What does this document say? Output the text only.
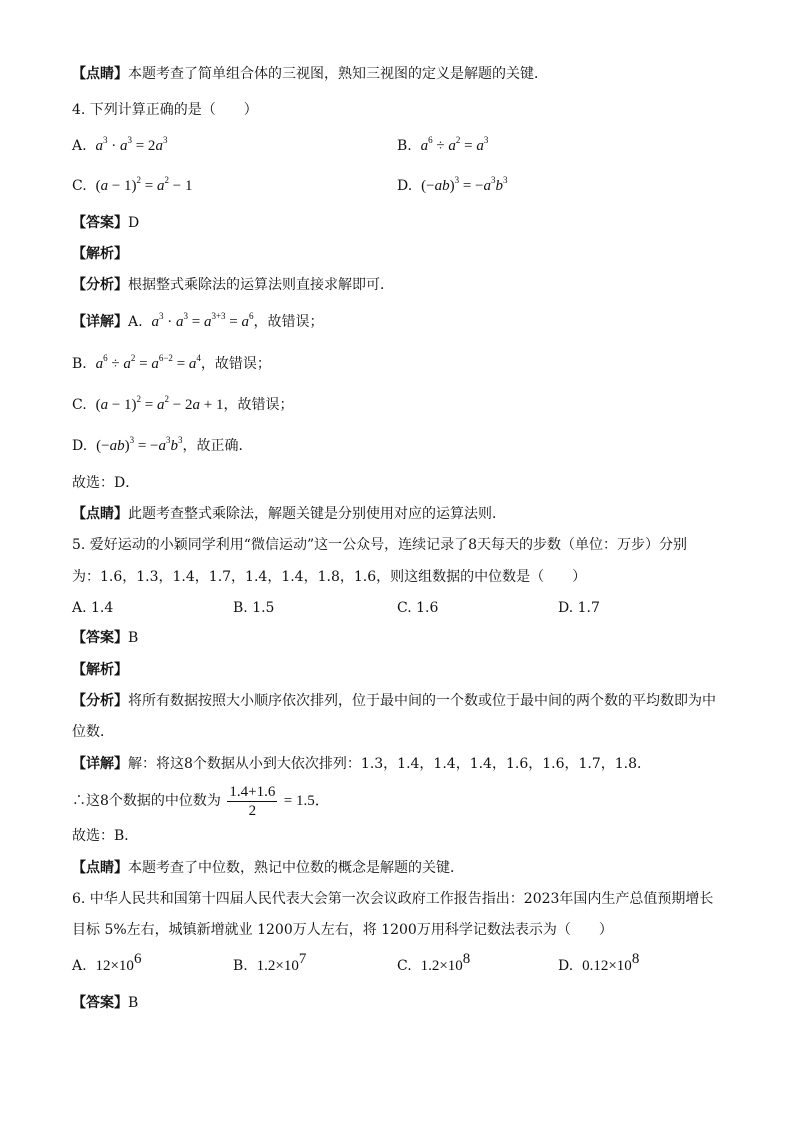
【点睛】本题考查了简单组合体的三视图，熟知三视图的定义是解题的关键．
4. 下列计算正确的是（　　）
A. $a^3 \cdot a^3 = 2a^3$	B. $a^6 \div a^2 = a^3$
C. $(a - 1)^2 = a^2 - 1$	D. $(-ab)^3 = -a^3b^3$
【答案】D
【解析】
【分析】根据整式乘除法的运算法则直接求解即可．
【详解】A. $a^3 \cdot a^3 = a^{3+3} = a^6$，故错误；
B. $a^6 \div a^2 = a^{6-2} = a^4$，故错误；
C. $(a - 1)^2 = a^2 - 2a + 1$，故错误；
D. $(-ab)^3 = -a^3b^3$，故正确．
故选：D．
【点睛】此题考查整式乘除法，解题关键是分别使用对应的运算法则．
5. 爱好运动的小颖同学利用“微信运动”这一公众号，连续记录了8天每天的步数（单位：万步）分别
为：1.6，1.3，1.4，1.7，1.4，1.4，1.8，1.6，则这组数据的中位数是（　　）
A. 1.4	B. 1.5	C. 1.6	D. 1.7
【答案】B
【解析】
【分析】将所有数据按照大小顺序依次排列，位于最中间的一个数或位于最中间的两个数的平均数即为中
位数．
【详解】解：将这8个数据从小到大依次排列：1.3，1.4，1.4，1.4，1.6，1.6，1.7，1.8．
∴这8个数据的中位数为 $\frac{1.4+1.6}{2} = 1.5$．
故选：B．
【点睛】本题考查了中位数，熟记中位数的概念是解题的关键．
6. 中华人民共和国第十四届人民代表大会第一次会议政府工作报告指出：2023年国内生产总值预期增长
目标 5%左右，城镇新增就业 1200万人左右，将 1200万用科学记数法表示为（　　）
A. $12\times 10^6$	B. $1.2\times 10^7$	C. $1.2\times 10^8$	D. $0.12\times 10^8$
【答案】B
